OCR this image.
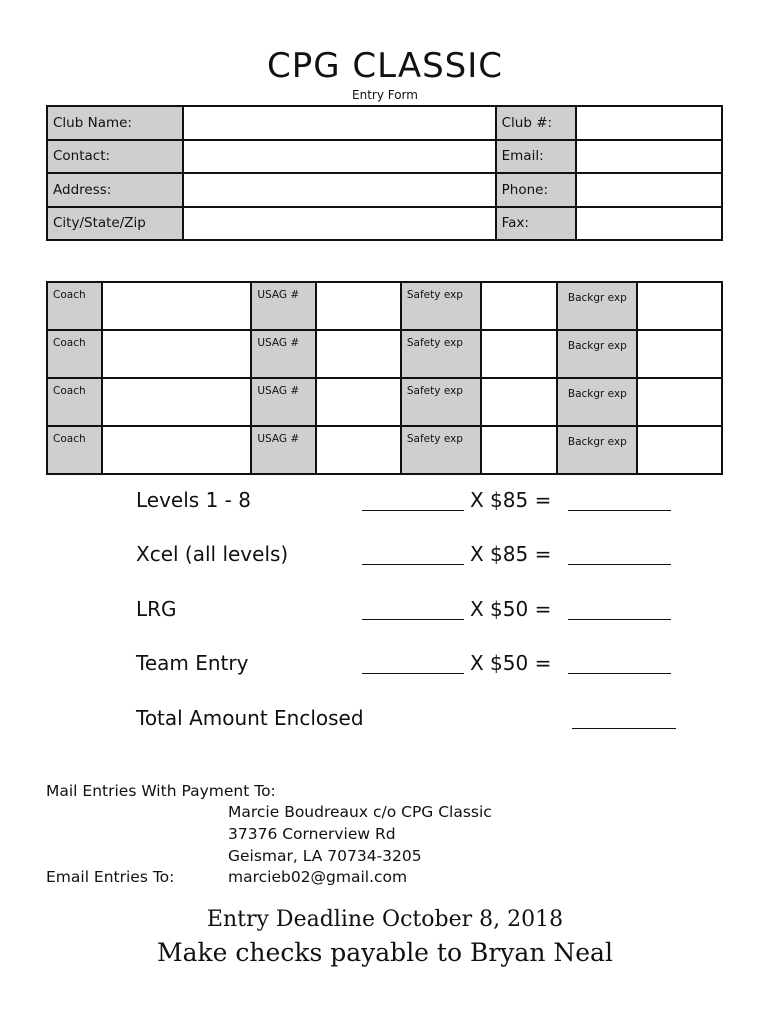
CPG CLASSIC
Entry Form
Club Name:		Club #:	
Contact:		Email:	
Address:		Phone:	
City/State/Zip		Fax:	
Coach		USAG #		Safety exp		Backgr exp	
Coach		USAG #		Safety exp		Backgr exp	
Coach		USAG #		Safety exp		Backgr exp	
Coach		USAG #		Safety exp		Backgr exp	
Levels 1 - 8	X $85 =
Xcel (all levels)	X $85 =
LRG	X $50 =
Team Entry	X $50 =
Total Amount Enclosed
Mail Entries With Payment To:
Marcie Boudreaux c/o CPG Classic
37376 Cornerview Rd
Geismar, LA 70734-3205
Email Entries To:	marcieb02@gmail.com
Entry Deadline October 8, 2018
Make checks payable to Bryan Neal
